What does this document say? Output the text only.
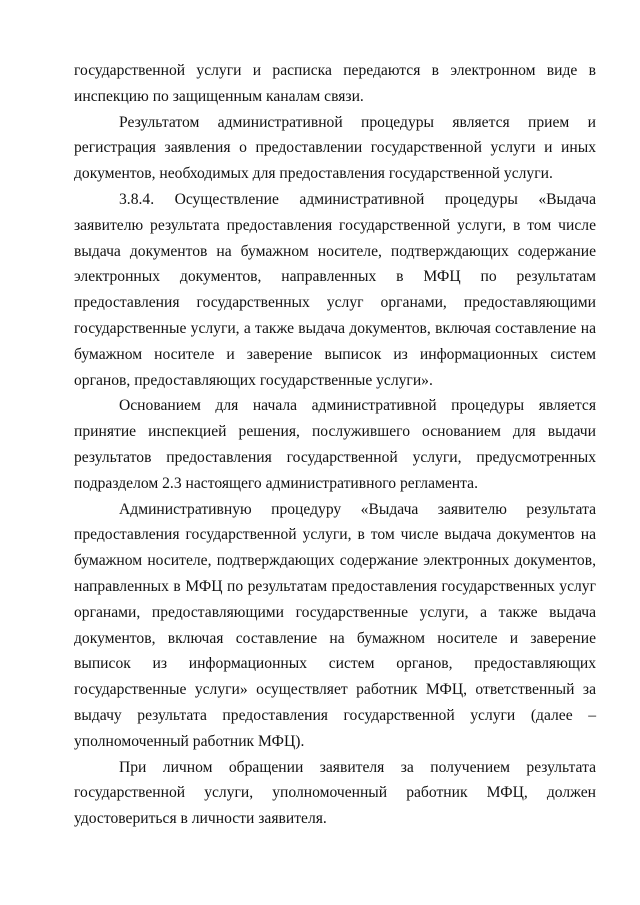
государственной услуги и расписка передаются в электронном виде в инспекцию по защищенным каналам связи.

Результатом административной процедуры является прием и регистрация заявления о предоставлении государственной услуги и иных документов, необходимых для предоставления государственной услуги.

3.8.4. Осуществление административной процедуры «Выдача заявителю результата предоставления государственной услуги, в том числе выдача документов на бумажном носителе, подтверждающих содержание электронных документов, направленных в МФЦ по результатам предоставления государственных услуг органами, предоставляющими государственные услуги, а также выдача документов, включая составление на бумажном носителе и заверение выписок из информационных систем органов, предоставляющих государственные услуги».

Основанием для начала административной процедуры является принятие инспекцией решения, послужившего основанием для выдачи результатов предоставления государственной услуги, предусмотренных подразделом 2.3 настоящего административного регламента.

Административную процедуру «Выдача заявителю результата предоставления государственной услуги, в том числе выдача документов на бумажном носителе, подтверждающих содержание электронных документов, направленных в МФЦ по результатам предоставления государственных услуг органами, предоставляющими государственные услуги, а также выдача документов, включая составление на бумажном носителе и заверение выписок из информационных систем органов, предоставляющих государственные услуги» осуществляет работник МФЦ, ответственный за выдачу результата предоставления государственной услуги (далее – уполномоченный работник МФЦ).

При личном обращении заявителя за получением результата государственной услуги, уполномоченный работник МФЦ, должен удостовериться в личности заявителя.
